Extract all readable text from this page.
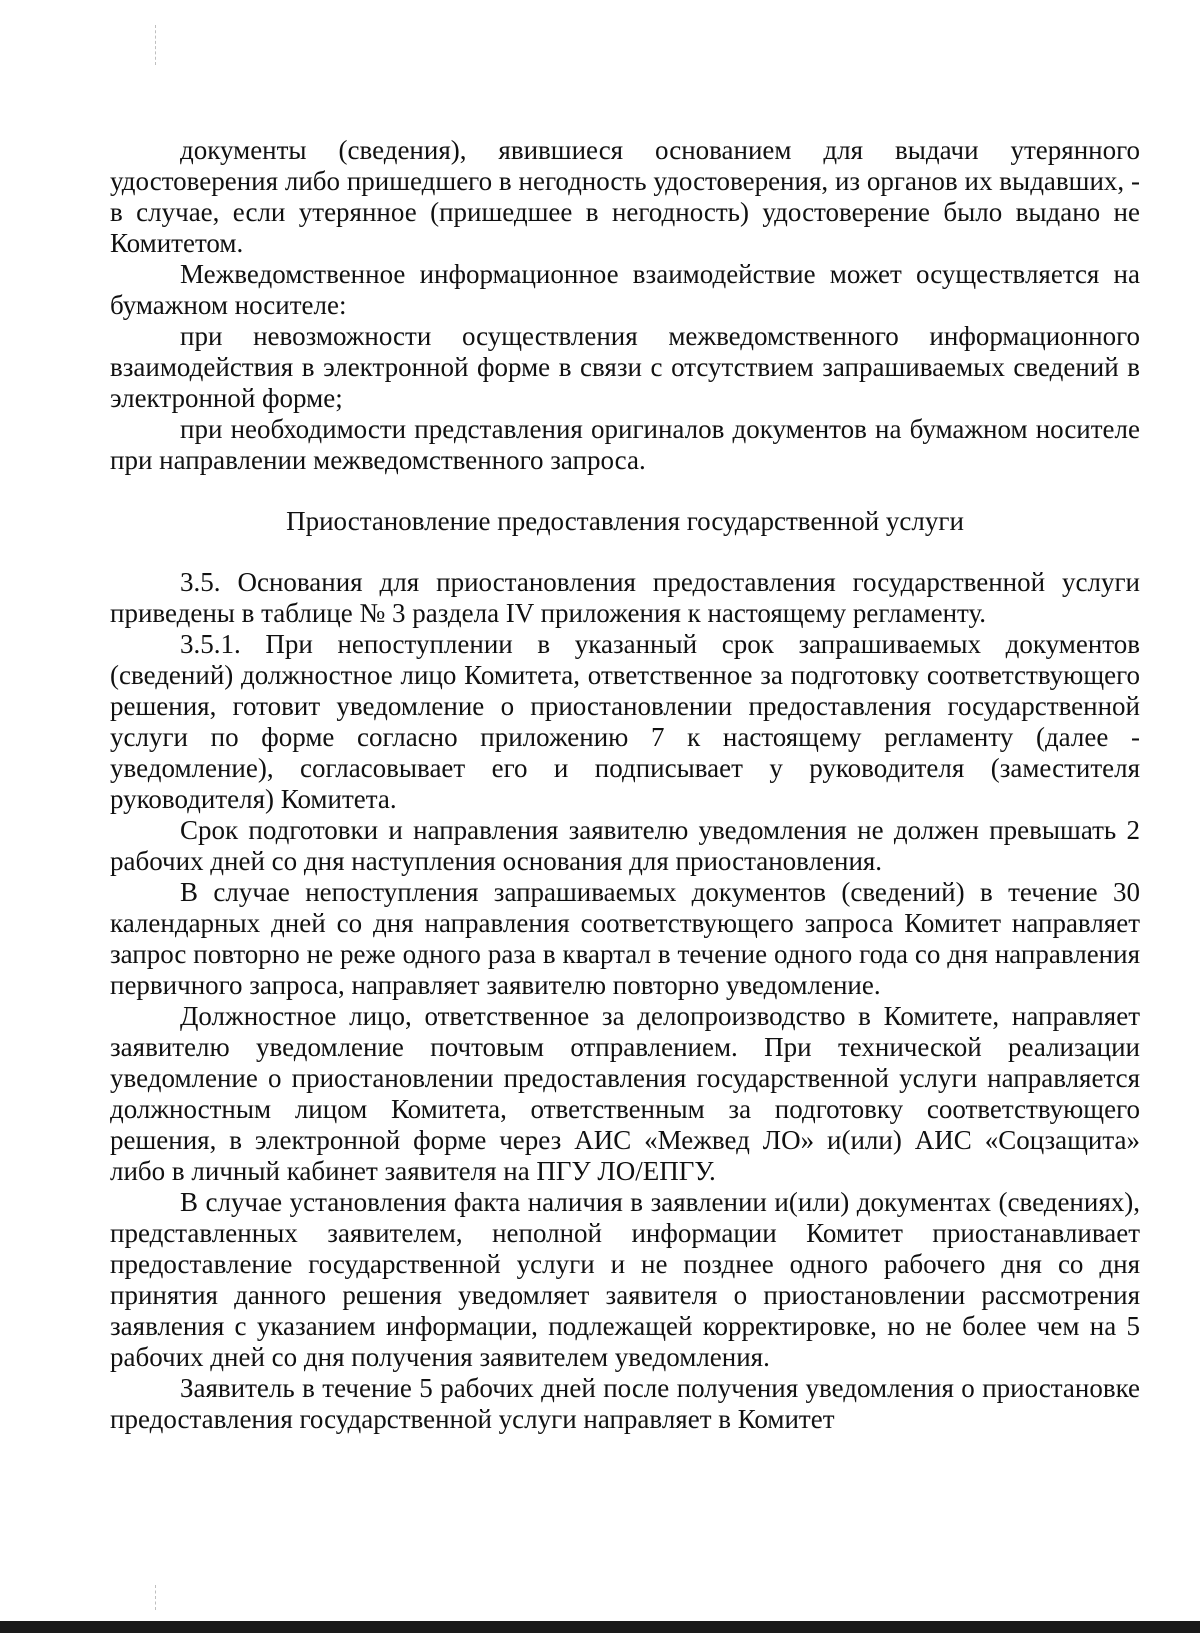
документы (сведения), явившиеся основанием для выдачи утерянного удостоверения либо пришедшего в негодность удостоверения, из органов их выдавших, - в случае, если утерянное (пришедшее в негодность) удостоверение было выдано не Комитетом.

Межведомственное информационное взаимодействие может осуществляется на бумажном носителе:

при невозможности осуществления межведомственного информационного взаимодействия в электронной форме в связи с отсутствием запрашиваемых сведений в электронной форме;

при необходимости представления оригиналов документов на бумажном носителе при направлении межведомственного запроса.

Приостановление предоставления государственной услуги

3.5. Основания для приостановления предоставления государственной услуги приведены в таблице № 3 раздела IV приложения к настоящему регламенту.

3.5.1. При непоступлении в указанный срок запрашиваемых документов (сведений) должностное лицо Комитета, ответственное за подготовку соответствующего решения, готовит уведомление о приостановлении предоставления государственной услуги по форме согласно приложению 7 к настоящему регламенту (далее - уведомление), согласовывает его и подписывает у руководителя (заместителя руководителя) Комитета.

Срок подготовки и направления заявителю уведомления не должен превышать 2 рабочих дней со дня наступления основания для приостановления.

В случае непоступления запрашиваемых документов (сведений) в течение 30 календарных дней со дня направления соответствующего запроса Комитет направляет запрос повторно не реже одного раза в квартал в течение одного года со дня направления первичного запроса, направляет заявителю повторно уведомление.

Должностное лицо, ответственное за делопроизводство в Комитете, направляет заявителю уведомление почтовым отправлением. При технической реализации уведомление о приостановлении предоставления государственной услуги направляется должностным лицом Комитета, ответственным за подготовку соответствующего решения, в электронной форме через АИС «Межвед ЛО» и(или) АИС «Соцзащита» либо в личный кабинет заявителя на ПГУ ЛО/ЕПГУ.

В случае установления факта наличия в заявлении и(или) документах (сведениях), представленных заявителем, неполной информации Комитет приостанавливает предоставление государственной услуги и не позднее одного рабочего дня со дня принятия данного решения уведомляет заявителя о приостановлении рассмотрения заявления с указанием информации, подлежащей корректировке, но не более чем на 5 рабочих дней со дня получения заявителем уведомления.

Заявитель в течение 5 рабочих дней после получения уведомления о приостановке предоставления государственной услуги направляет в Комитет
